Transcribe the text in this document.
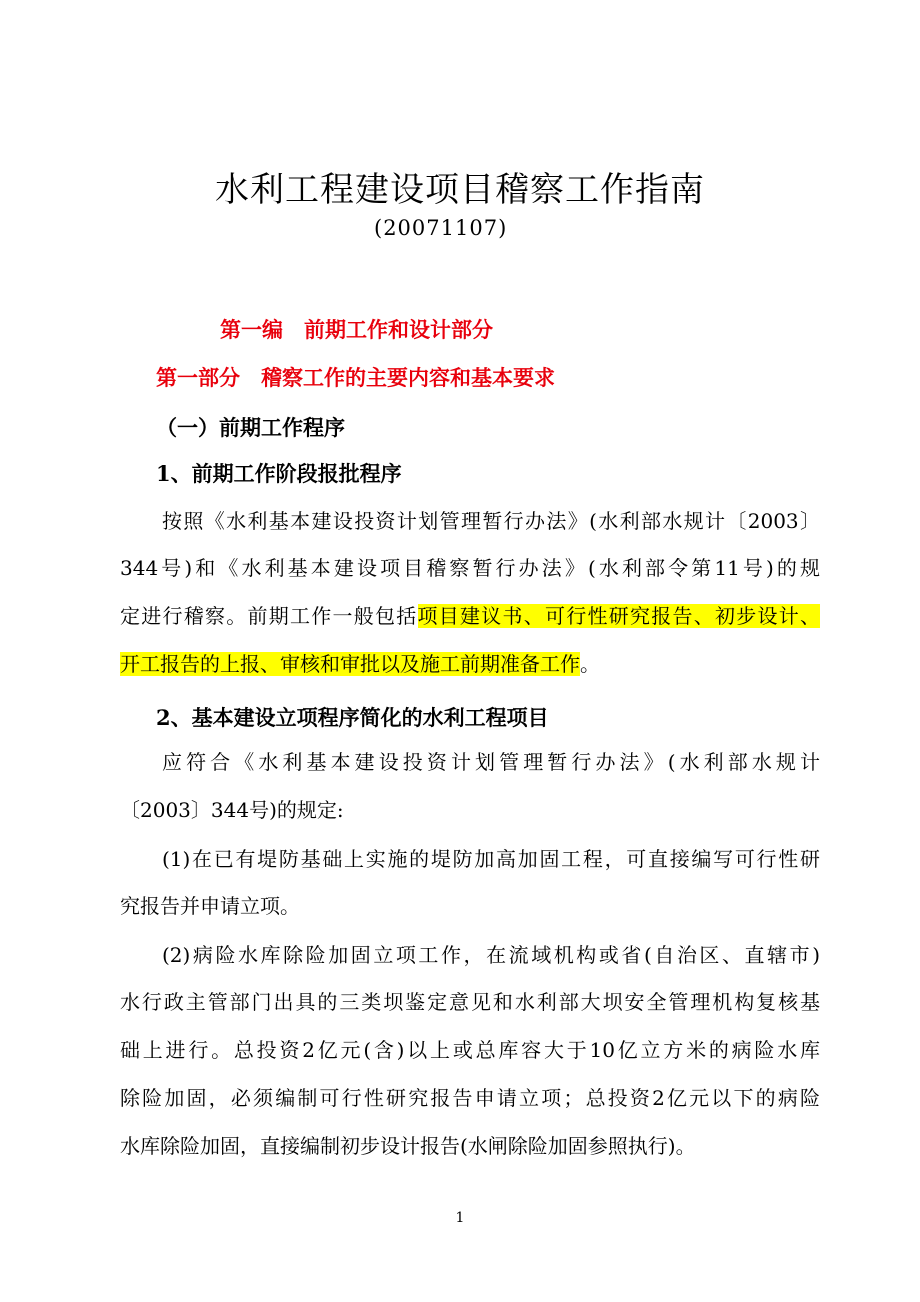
水利工程建设项目稽察工作指南
(20071107)
第一编　前期工作和设计部分
第一部分　稽察工作的主要内容和基本要求
（一）前期工作程序
1、前期工作阶段报批程序
按照《水利基本建设投资计划管理暂行办法》(水利部水规计〔2003〕
344号)和《水利基本建设项目稽察暂行办法》(水利部令第11号)的规
定进行稽察。前期工作一般包括项目建议书、可行性研究报告、初步设计、
开工报告的上报、审核和审批以及施工前期准备工作。
2、基本建设立项程序简化的水利工程项目
应符合《水利基本建设投资计划管理暂行办法》(水利部水规计
〔2003〕344号)的规定:
(1)在已有堤防基础上实施的堤防加高加固工程，可直接编写可行性研
究报告并申请立项。
(2)病险水库除险加固立项工作，在流域机构或省(自治区、直辖市)
水行政主管部门出具的三类坝鉴定意见和水利部大坝安全管理机构复核基
础上进行。总投资2亿元(含)以上或总库容大于10亿立方米的病险水库
除险加固，必须编制可行性研究报告申请立项；总投资2亿元以下的病险
水库除险加固，直接编制初步设计报告(水闸除险加固参照执行)。
1
